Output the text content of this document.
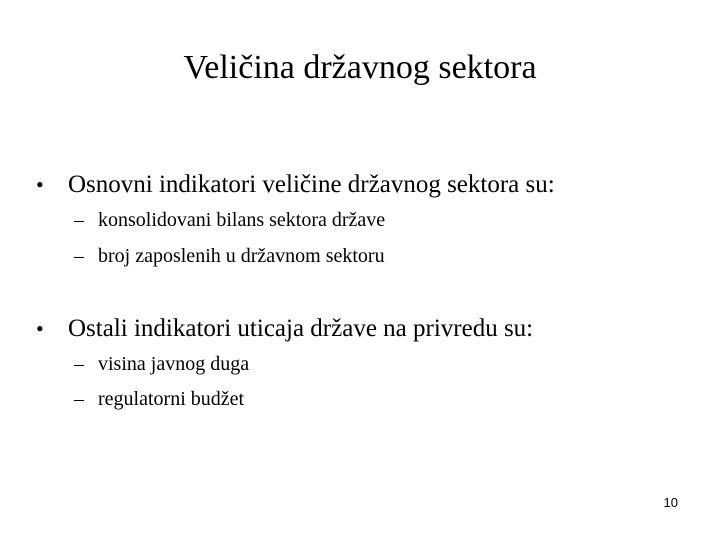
Veličina državnog sektora
• Osnovni indikatori veličine državnog sektora su:
– konsolidovani bilans sektora države
– broj zaposlenih u državnom sektoru
• Ostali indikatori uticaja države na privredu su:
– visina javnog duga
– regulatorni budžet
10
